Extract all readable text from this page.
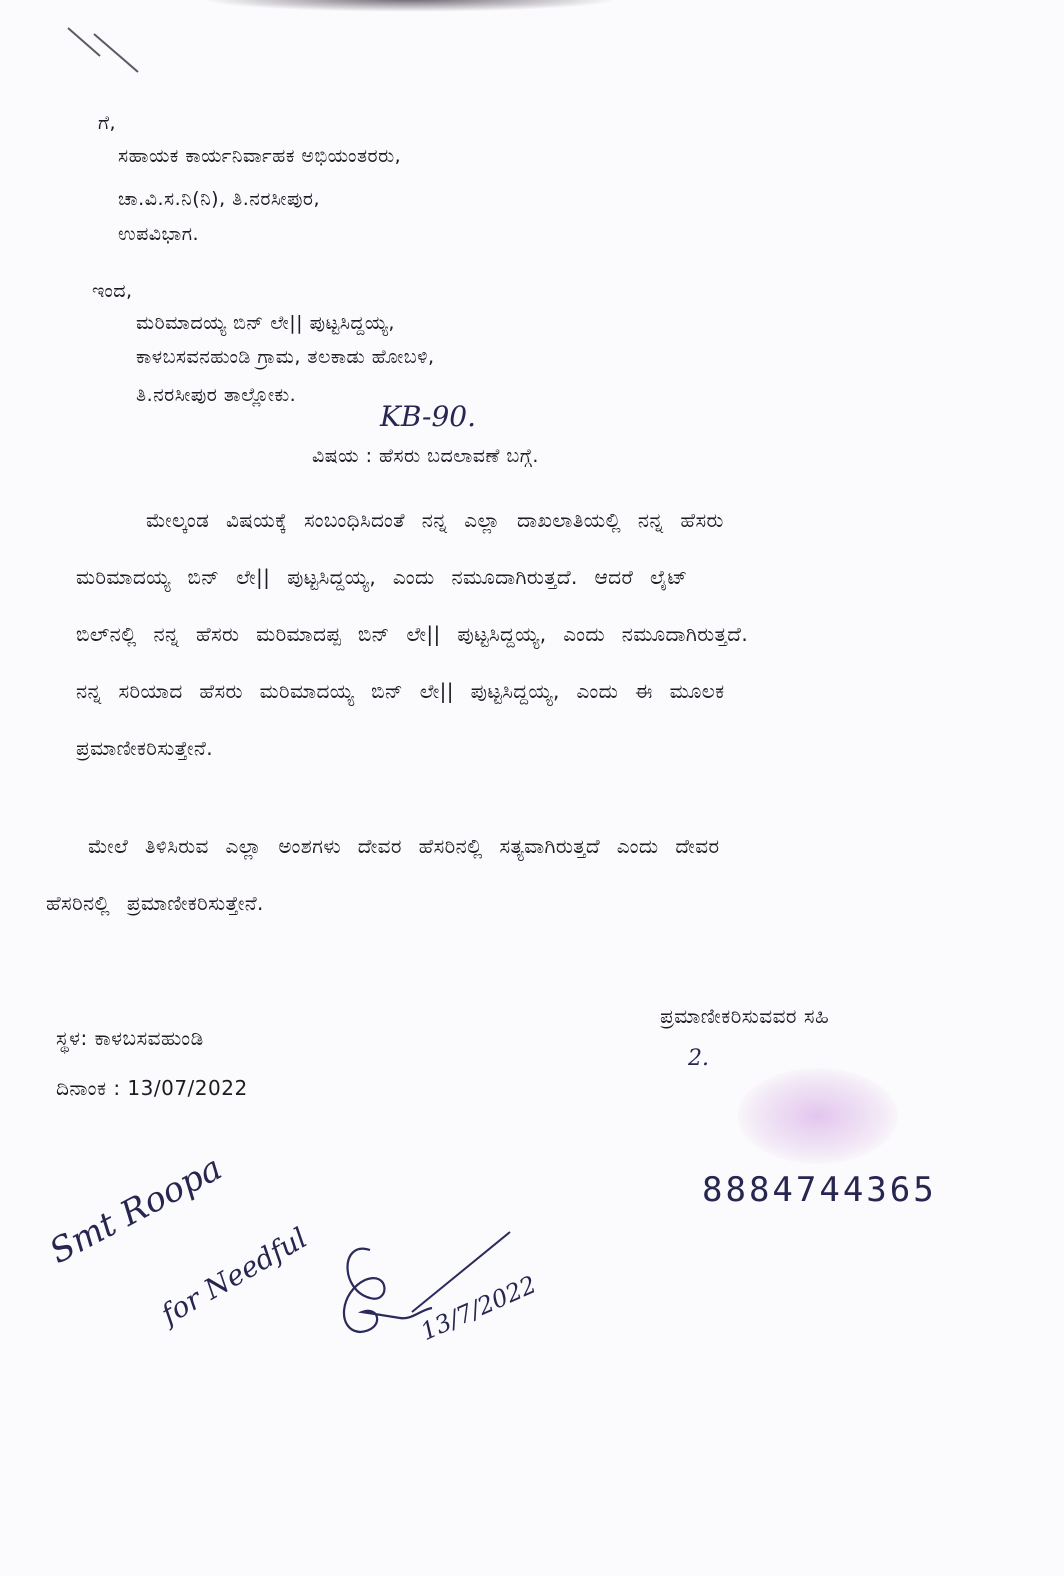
ಗೆ,
ಸಹಾಯಕ ಕಾರ್ಯನಿರ್ವಾಹಕ ಅಭಿಯಂತರರು,
ಚಾ.ವಿ.ಸ.ನಿ(ನಿ), ತಿ.ನರಸೀಪುರ,
ಉಪವಿಭಾಗ.
ಇಂದ,
ಮರಿಮಾದಯ್ಯ ಬಿನ್ ಲೇ|| ಪುಟ್ಟಸಿದ್ದಯ್ಯ,
ಕಾಳಬಸವನಹುಂಡಿ ಗ್ರಾಮ, ತಲಕಾಡು ಹೋಬಳಿ,
ತಿ.ನರಸೀಪುರ ತಾಲ್ಲೋಕು.
KB-90.
ವಿಷಯ : ಹೆಸರು ಬದಲಾವಣೆ ಬಗ್ಗೆ.

ಮೇಲ್ಕಂಡ ವಿಷಯಕ್ಕೆ ಸಂಬಂಧಿಸಿದಂತೆ ನನ್ನ ಎಲ್ಲಾ ದಾಖಲಾತಿಯಲ್ಲಿ ನನ್ನ ಹೆಸರು

ಮರಿಮಾದಯ್ಯ ಬಿನ್ ಲೇ|| ಪುಟ್ಟಸಿದ್ದಯ್ಯ, ಎಂದು ನಮೂದಾಗಿರುತ್ತದೆ. ಆದರೆ ಲೈಟ್

ಬಿಲ್‌ನಲ್ಲಿ ನನ್ನ ಹೆಸರು ಮರಿಮಾದಪ್ಪ ಬಿನ್ ಲೇ|| ಪುಟ್ಟಸಿದ್ದಯ್ಯ, ಎಂದು ನಮೂದಾಗಿರುತ್ತದೆ.

ನನ್ನ ಸರಿಯಾದ ಹೆಸರು ಮರಿಮಾದಯ್ಯ ಬಿನ್ ಲೇ|| ಪುಟ್ಟಸಿದ್ದಯ್ಯ, ಎಂದು ಈ ಮೂಲಕ

ಪ್ರಮಾಣೀಕರಿಸುತ್ತೇನೆ.

ಮೇಲೆ ತಿಳಿಸಿರುವ ಎಲ್ಲಾ ಅಂಶಗಳು ದೇವರ ಹೆಸರಿನಲ್ಲಿ ಸತ್ಯವಾಗಿರುತ್ತದೆ ಎಂದು ದೇವರ

ಹೆಸರಿನಲ್ಲಿ ಪ್ರಮಾಣೀಕರಿಸುತ್ತೇನೆ.

ಪ್ರಮಾಣೀಕರಿಸುವವರ ಸಹಿ
2.
ಸ್ಥಳ: ಕಾಳಬಸವಹುಂಡಿ
ದಿನಾಂಕ : 13/07/2022
8884744365
Smt Roopa
for Needful	13/7/2022
